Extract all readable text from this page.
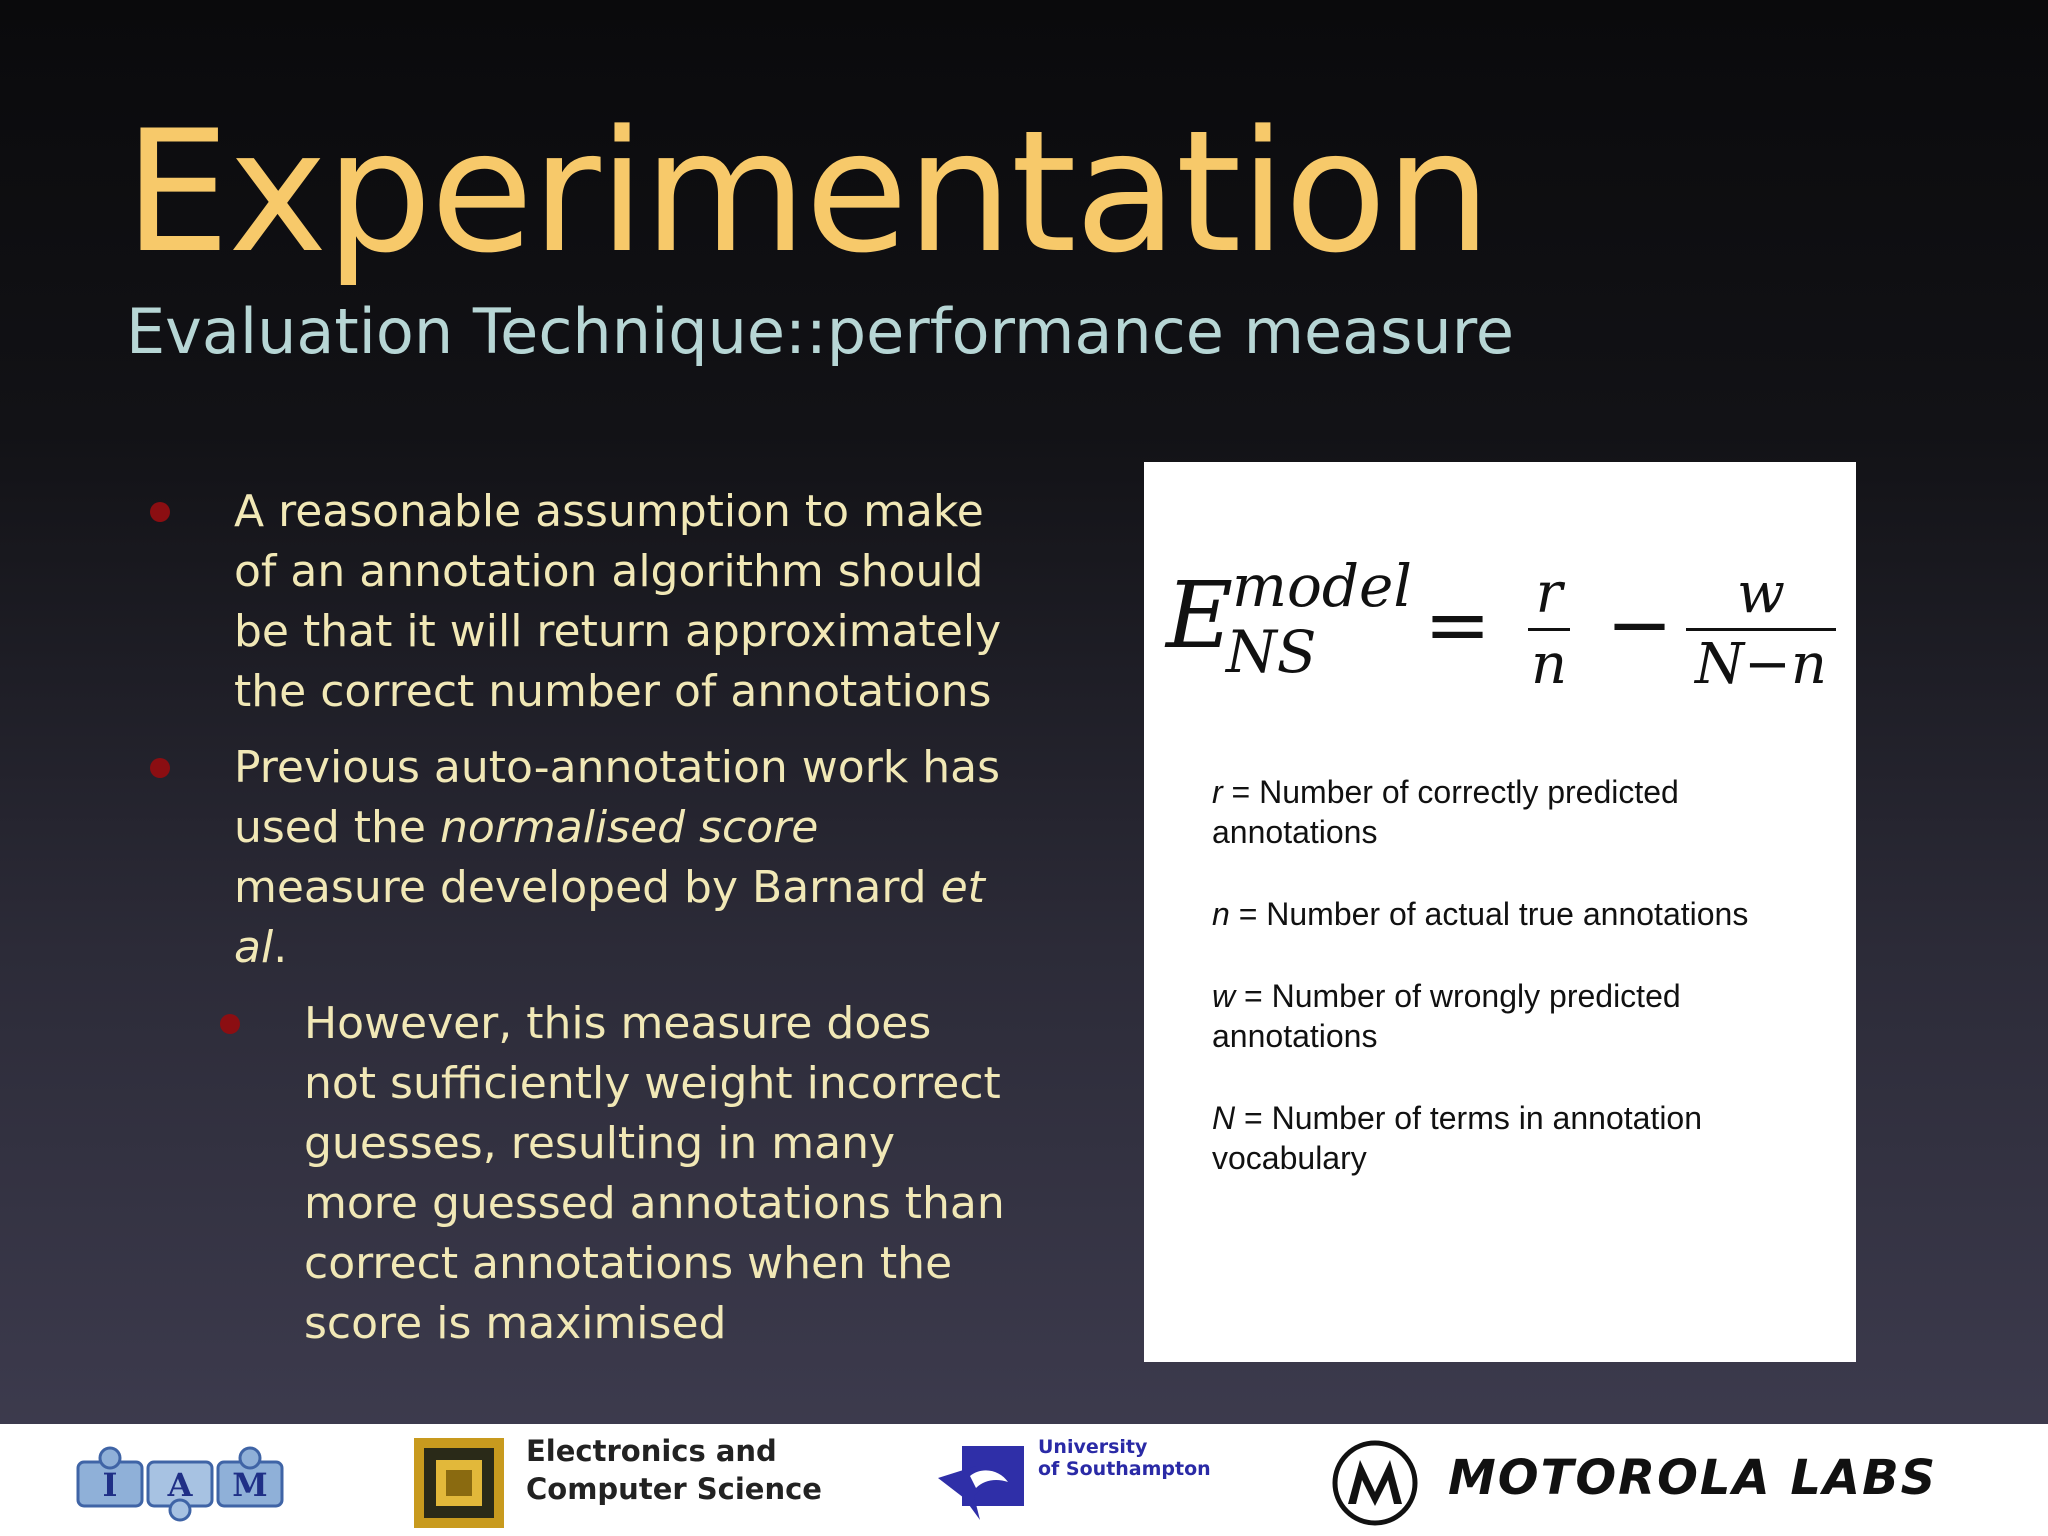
Experimentation
Evaluation Technique::performance measure
A reasonable assumption to make of an annotation algorithm should be that it will return approximately the correct number of annotations
Previous auto-annotation work has used the normalised score measure developed by Barnard et al.
However, this measure does not sufficiently weight incorrect guesses, resulting in many more guessed annotations than correct annotations when the score is maximised
E
model
NS = r
n −	w
N−n
r = Number of correctly predicted annotations
n = Number of actual true annotations
w = Number of wrongly predicted annotations
N = Number of terms in annotation vocabulary
I A M
Electronics and
Computer Science
University
of Southampton	MOTOROLA LABS
